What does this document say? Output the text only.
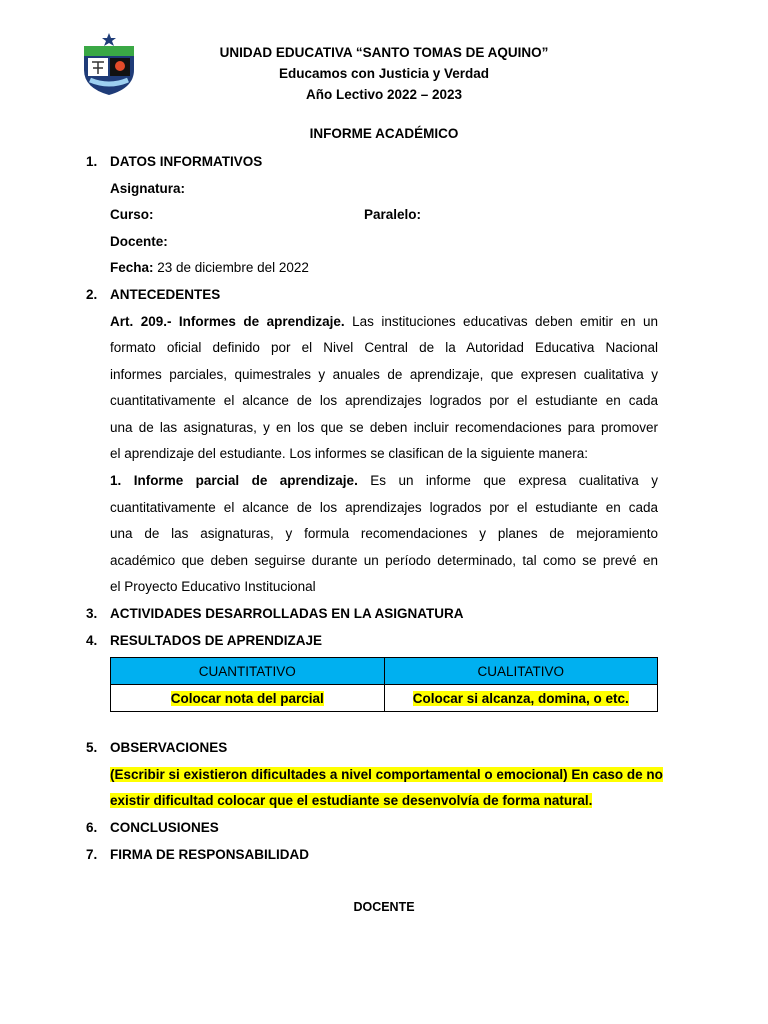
UNIDAD EDUCATIVA “SANTO TOMAS DE AQUINO”
Educamos con Justicia y Verdad
Año Lectivo 2022 – 2023
INFORME ACADÉMICO
1. DATOS INFORMATIVOS
Asignatura:
Curso:	Paralelo:
Docente:
Fecha: 23 de diciembre del 2022
2. ANTECEDENTES
Art. 209.- Informes de aprendizaje. Las instituciones educativas deben emitir en un
formato oficial definido por el Nivel Central de la Autoridad Educativa Nacional
informes parciales, quimestrales y anuales de aprendizaje, que expresen cualitativa y
cuantitativamente el alcance de los aprendizajes logrados por el estudiante en cada
una de las asignaturas, y en los que se deben incluir recomendaciones para promover
el aprendizaje del estudiante. Los informes se clasifican de la siguiente manera:
1. Informe parcial de aprendizaje. Es un informe que expresa cualitativa y
cuantitativamente el alcance de los aprendizajes logrados por el estudiante en cada
una de las asignaturas, y formula recomendaciones y planes de mejoramiento
académico que deben seguirse durante un período determinado, tal como se prevé en
el Proyecto Educativo Institucional
3. ACTIVIDADES DESARROLLADAS EN LA ASIGNATURA
4. RESULTADOS DE APRENDIZAJE
CUANTITATIVO	CUALITATIVO
Colocar nota del parcial	Colocar si alcanza, domina, o etc.
5. OBSERVACIONES
(Escribir si existieron dificultades a nivel comportamental o emocional) En caso de no
existir dificultad colocar que el estudiante se desenvolvía de forma natural.
6. CONCLUSIONES
7. FIRMA DE RESPONSABILIDAD
DOCENTE
